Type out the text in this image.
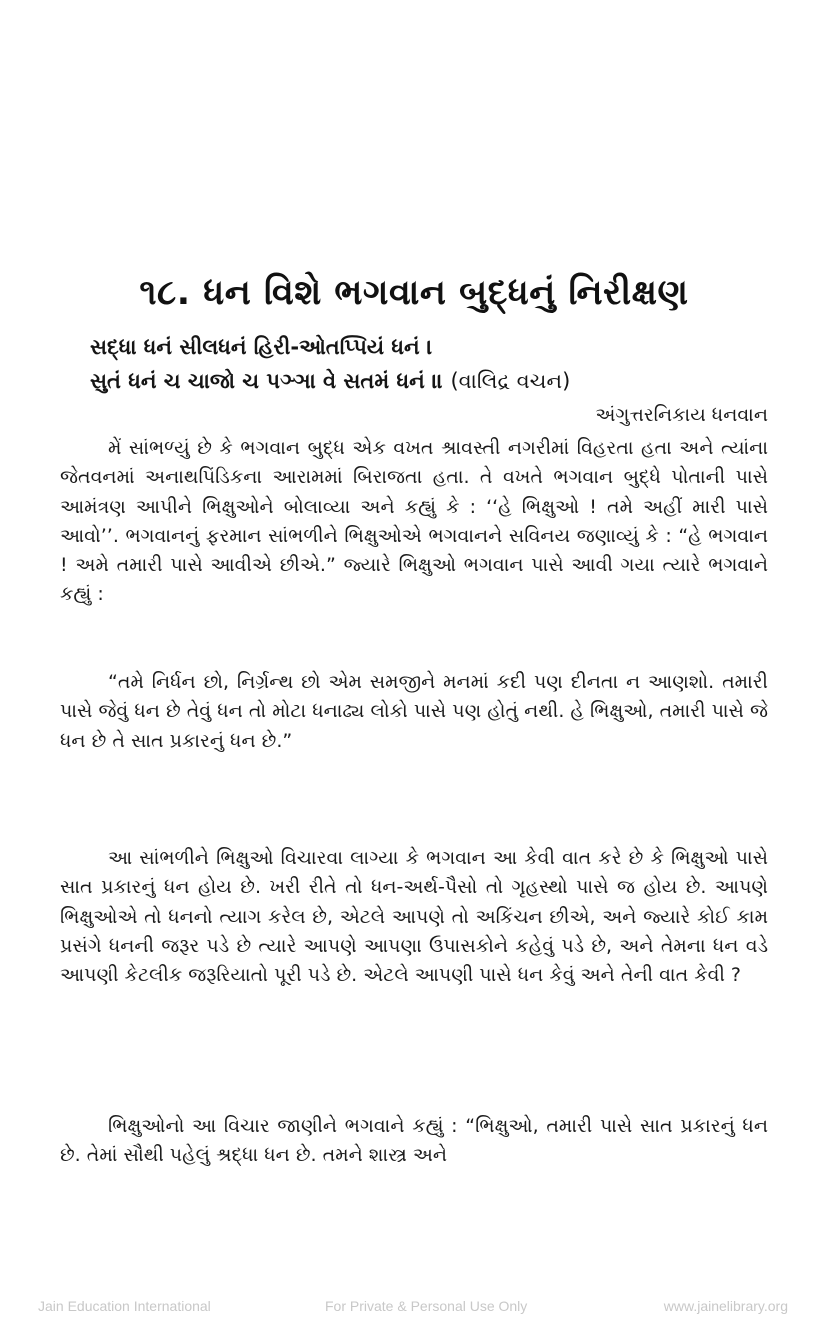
૧૮. ધન વિશે ભગવાન બુદ્ધનું નિરીક્ષણ
સદ્ધા ધનં સીલધનં હિરી-ઓતપ્પિયં ધનં ।
સુતં ધનં ચ ચાજો ચ પઞ્ઞા વે સતમં ધનં ॥ (વાલિદ્ર વચન)
અંગુત્તરનિકાય ધનવાન

મેં સાંભળ્યું છે કે ભગવાન બુદ્ધ એક વખત શ્રાવસ્તી નગરીમાં વિહરતા હતા અને ત્યાંના જેતવનમાં અનાથપિંડિકના આરામમાં બિરાજતા હતા. તે વખતે ભગવાન બુદ્ધે પોતાની પાસે આમંત્રણ આપીને ભિક્ષુઓને બોલાવ્યા અને કહ્યું કે : ‘‘હે ભિક્ષુઓ ! તમે અહીં મારી પાસે આવો’’. ભગવાનનું ફરમાન સાંભળીને ભિક્ષુઓએ ભગવાનને સવિનય જણાવ્યું કે : “હે ભગવાન ! અમે તમારી પાસે આવીએ છીએ.” જ્યારે ભિક્ષુઓ ભગવાન પાસે આવી ગયા ત્યારે ભગવાને કહ્યું :

“તમે નિર્ધન છો, નિર્ગ્રન્થ છો એમ સમજીને મનમાં કદી પણ દીનતા ન આણશો. તમારી પાસે જેવું ધન છે તેવું ધન તો મોટા ધનાઢ્ય લોકો પાસે પણ હોતું નથી. હે ભિક્ષુઓ, તમારી પાસે જે ધન છે તે સાત પ્રકારનું ધન છે.”

આ સાંભળીને ભિક્ષુઓ વિચારવા લાગ્યા કે ભગવાન આ કેવી વાત કરે છે કે ભિક્ષુઓ પાસે સાત પ્રકારનું ધન હોય છે. ખરી રીતે તો ધન-અર્થ-પૈસો તો ગૃહસ્થો પાસે જ હોય છે. આપણે ભિક્ષુઓએ તો ધનનો ત્યાગ કરેલ છે, એટલે આપણે તો અકિંચન છીએ, અને જ્યારે કોઈ કામ પ્રસંગે ધનની જરૂર પડે છે ત્યારે આપણે આપણા ઉપાસકોને કહેવું પડે છે, અને તેમના ધન વડે આપણી કેટલીક જરૂરિયાતો પૂરી પડે છે. એટલે આપણી પાસે ધન કેવું અને તેની વાત કેવી ?

ભિક્ષુઓનો આ વિચાર જાણીને ભગવાને કહ્યું : “ભિક્ષુઓ, તમારી પાસે સાત પ્રકારનું ધન છે. તેમાં સૌથી પહેલું શ્રદ્ધા ધન છે. તમને શાસ્ત્ર અને

Jain Education International	For Private & Personal Use Only	www.jainelibrary.org
